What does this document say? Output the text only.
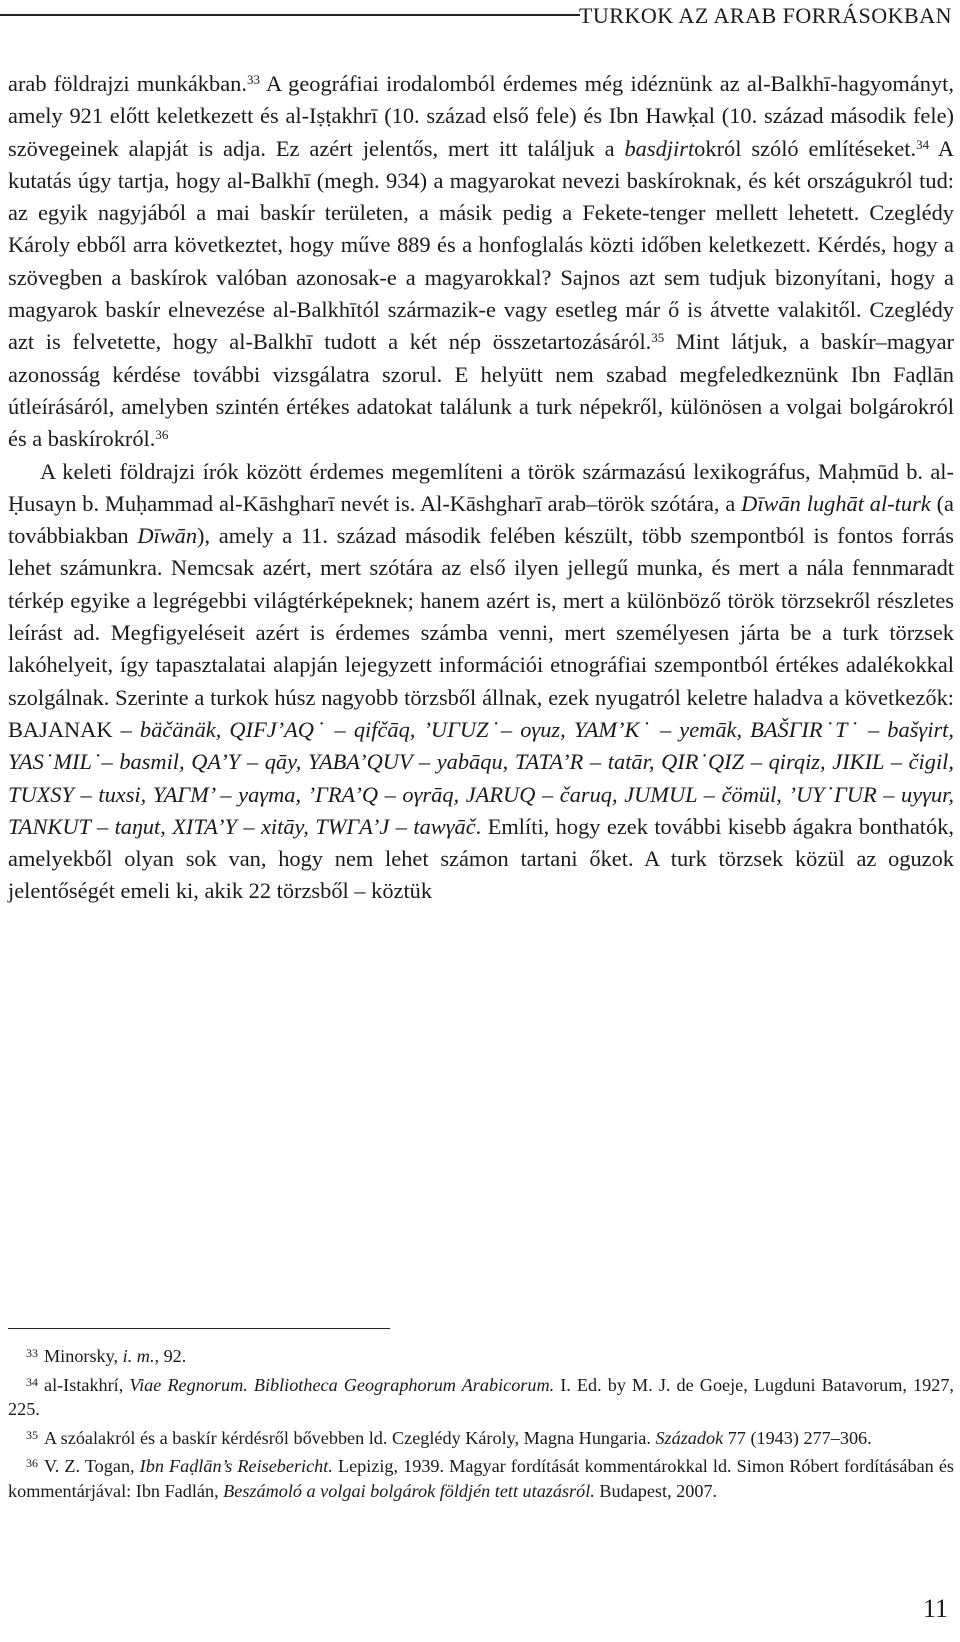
TURKOK AZ ARAB FORRÁSOKBAN

arab földrajzi munkákban.$^{33}$ A geográfiai irodalomból érdemes még idéznünk az al-Balkhī-hagyományt, amely 921 előtt keletkezett és al-Iṣṭakhrī (10. század első fele) és Ibn Hawḳal (10. század második fele) szövegeinek alapját is adja. Ez azért jelentős, mert itt találjuk a basdjirtokról szóló említéseket.$^{34}$ A kutatás úgy tartja, hogy al-Balkhī (megh. 934) a magyarokat nevezi baskíroknak, és két országukról tud: az egyik nagyjából a mai baskír területen, a másik pedig a Fekete-tenger mellett lehetett. Czeglédy Károly ebből arra következtet, hogy műve 889 és a honfoglalás közti időben keletkezett. Kérdés, hogy a szövegben a baskírok valóban azonosak-e a magyarokkal? Sajnos azt sem tudjuk bizonyítani, hogy a magyarok baskír elnevezése al-Balkhītól származik-e vagy esetleg már ő is átvette valakitől. Czeglédy azt is felvetette, hogy al-Balkhī tudott a két nép összetartozásáról.$^{35}$ Mint látjuk, a baskír–magyar azonosság kérdése további vizsgálatra szorul. E helyütt nem szabad megfeledkeznünk Ibn Faḍlān útleírásáról, amelyben szintén értékes adatokat találunk a turk népekről, különösen a volgai bolgárokról és a baskírokról.$^{36}$

A keleti földrajzi írók között érdemes megemlíteni a török származású lexikográfus, Maḥmūd b. al-Ḥusayn b. Muḥammad al-Kāshgharī nevét is. Al-Kāshgharī arab–török szótára, a Dīwān lughāt al-turk (a továbbiakban Dīwān), amely a 11. század második felében készült, több szempontból is fontos forrás lehet számunkra. Nemcsak azért, mert szótára az első ilyen jellegű munka, és mert a nála fennmaradt térkép egyike a legrégebbi világtérképeknek; hanem azért is, mert a különböző török törzsekről részletes leírást ad. Megfigyeléseit azért is érdemes számba venni, mert személyesen járta be a turk törzsek lakóhelyeit, így tapasztalatai alapján lejegyzett információi etnográfiai szempontból értékes adalékokkal szolgálnak. Szerinte a turkok húsz nagyobb törzsből állnak, ezek nyugatról keletre haladva a következők: BAJANAK – bäčänäk, QIFJ’AQ˙ – qifčāq, ’UΓUZ˙– oγuz, YAM’K˙ – yemāk, BAŠΓIR˙T˙ – bašγirt, YAS˙MIL˙– basmil, QA’Y – qāy, YABA’QUV – yabāqu, TATA’R – tatār, QIR˙QIZ – qirqiz, JIKIL – čigil, TUXSY – tuxsi, YAΓM’ – yaγma, ’ΓRA’Q – oγrāq, JARUQ – čaruq, JUMUL – čömül, ’UY˙ΓUR – uyγur, TANKUT – taŋut, XITA’Y – xitāy, TWΓA’J – tawγāč. Említi, hogy ezek további kisebb ágakra bonthatók, amelyekből olyan sok van, hogy nem lehet számon tartani őket. A turk törzsek közül az oguzok jelentőségét emeli ki, akik 22 törzsből – köztük

33 Minorsky, i. m., 92.

34 al-Istakhrí, Viae Regnorum. Bibliotheca Geographorum Arabicorum. I. Ed. by M. J. de Goeje, Lugduni Batavorum, 1927, 225.

35 A szóalakról és a baskír kérdésről bővebben ld. Czeglédy Károly, Magna Hungaria. Századok 77 (1943) 277–306.

36 V. Z. Togan, Ibn Faḍlān’s Reisebericht. Lepizig, 1939. Magyar fordítását kommentárokkal ld. Simon Róbert fordításában és kommentárjával: Ibn Fadlán, Beszámoló a volgai bolgárok földjén tett utazásról. Budapest, 2007.

11
